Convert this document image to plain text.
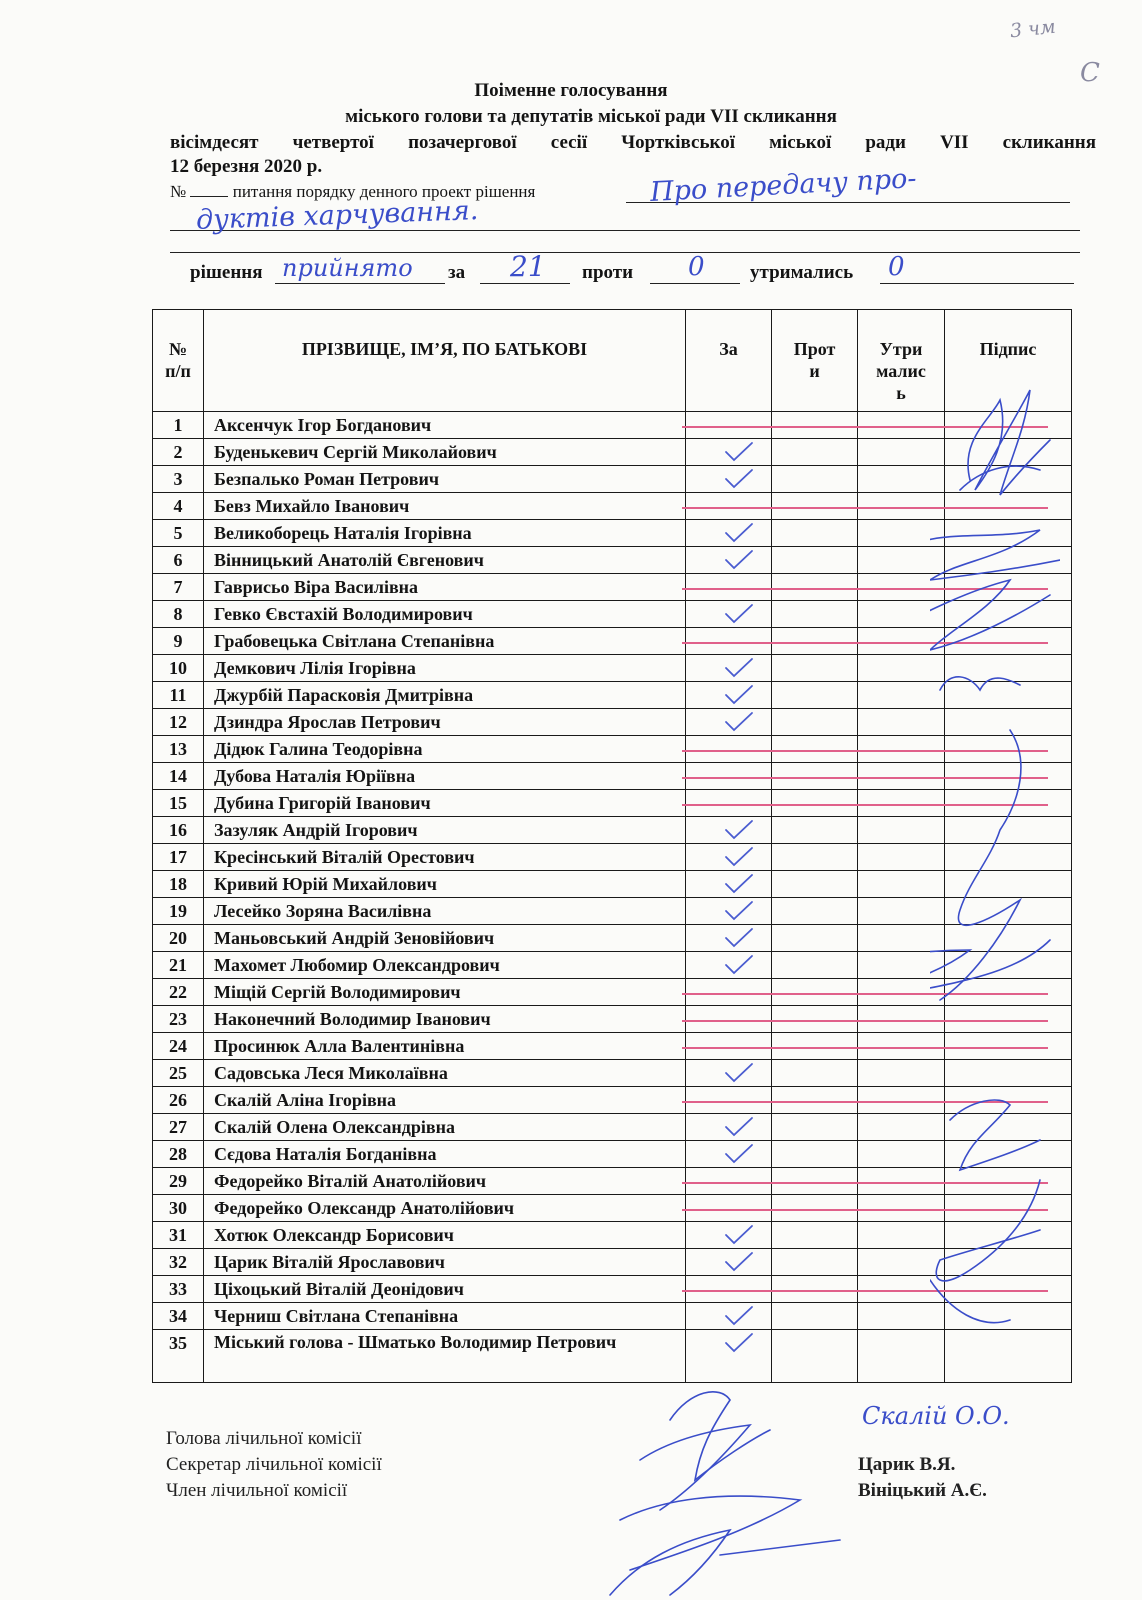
3 чм
С
Поіменне голосування
міського голови та депутатів міської ради VII скликання
вісімдесят четвертої позачергової сесії Чортківської міської ради VII скликання
12 березня 2020 р.
№	питання порядку денного проект рішення	Про передачу про-
дуктів харчування.
рішення	за	проти	утримались
прийнято	21	0	0
№
п/п	ПРІЗВИЩЕ, ІМ’Я, ПО БАТЬКОВІ	За	Прот
и	Утри
малис
ь	Підпис
1	Аксенчук Ігор Богданович				
2	Буденькевич Сергій Миколайович	

3	Безпалько Роман Петрович	

4	Бевз Михайло Іванович				
5	Великоборець Наталія Ігорівна	

6	Вінницький Анатолій Євгенович	

7	Гаврисьо Віра Василівна				
8	Гевко Євстахій Володимирович	

9	Грабовецька Світлана Степанівна				
10	Демкович Лілія Ігорівна	

11	Джурбій Парасковія Дмитрівна	

12	Дзиндра Ярослав Петрович	

13	Дідюк Галина Теодорівна				
14	Дубова Наталія Юріївна				
15	Дубина Григорій Іванович				
16	Зазуляк Андрій Ігорович	

17	Кресінський Віталій Орестович	

18	Кривий Юрій Михайлович	

19	Лесейко Зоряна Василівна	

20	Маньовський Андрій Зеновійович	

21	Махомет Любомир Олександрович	

22	Міщій Сергій Володимирович				
23	Наконечний Володимир Іванович				
24	Просинюк Алла Валентинівна				
25	Садовська Леся Миколаївна	

26	Скалій Аліна Ігорівна				
27	Скалій Олена Олександрівна	

28	Сєдова Наталія Богданівна	

29	Федорейко Віталій Анатолійович				
30	Федорейко Олександр Анатолійович				
31	Хотюк Олександр Борисович	

32	Царик Віталій Ярославович	

33	Ціхоцький Віталій Деонідович				
34	Черниш Світлана Степанівна	

35	Міський голова - Шматько Володимир Петрович	

Голова лічильної комісії
Секретар лічильної комісії
Член лічильної комісії
Скалій О.О.
Царик В.Я.
Вініцький А.Є.
